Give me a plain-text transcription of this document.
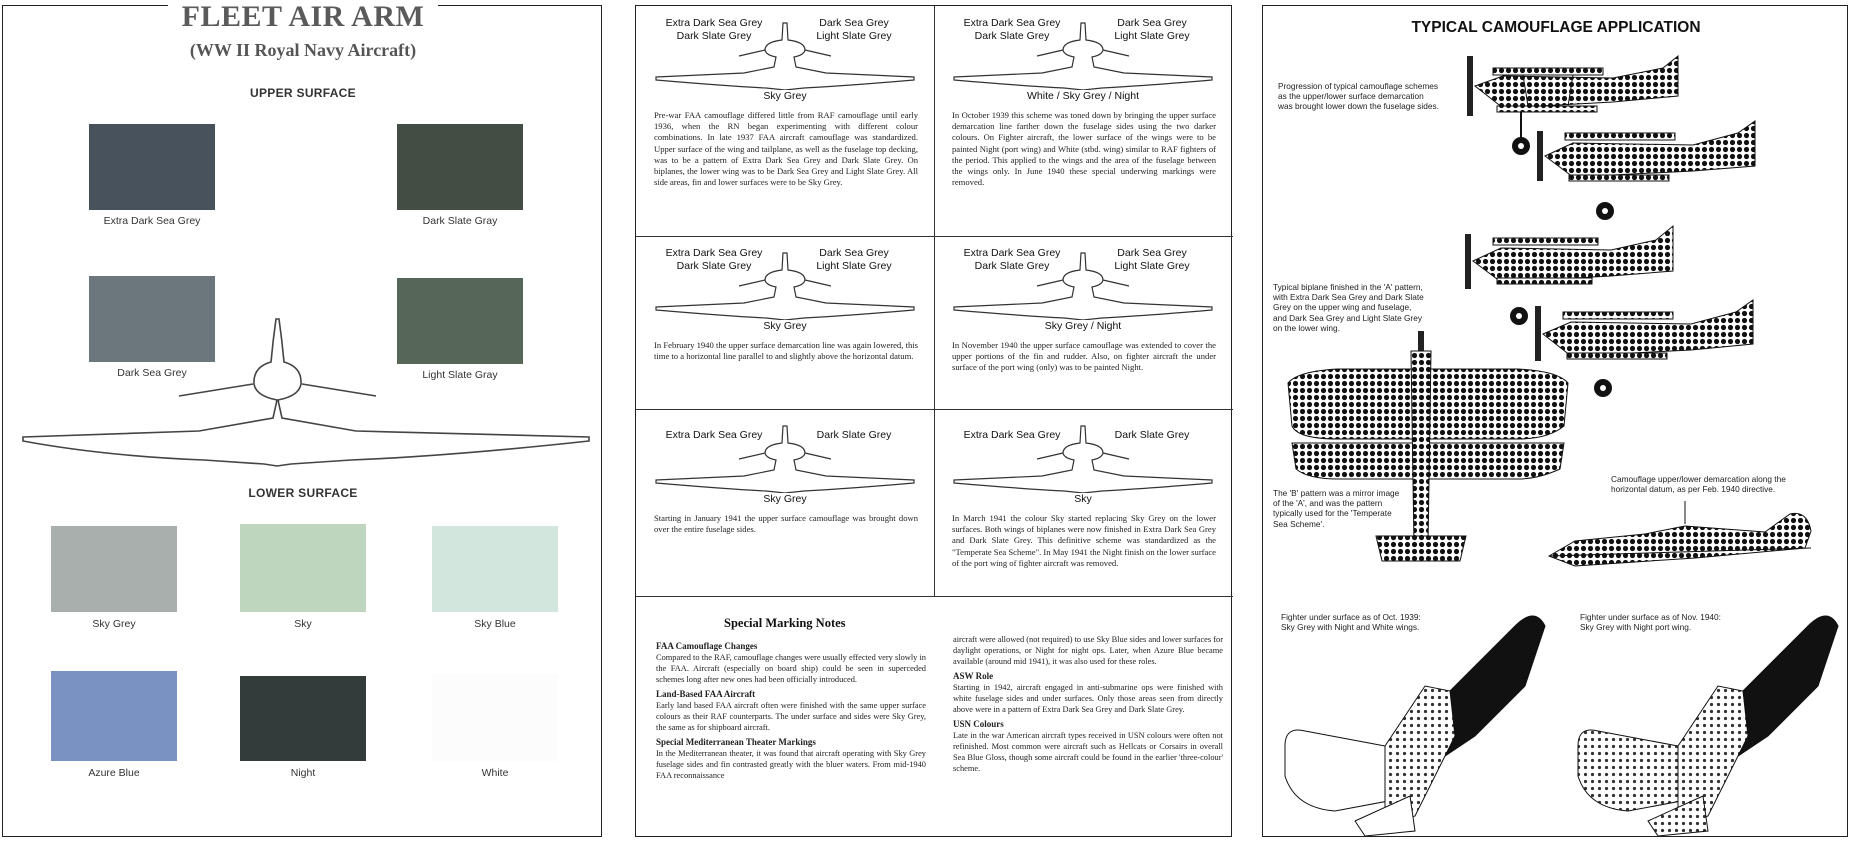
FLEET AIR ARM
(WW II Royal Navy Aircraft)
UPPER SURFACE
Extra Dark Sea Grey	Dark Slate Gray
Dark Sea Grey	Light Slate Gray
LOWER SURFACE
Sky Grey	Sky	Sky Blue
Azure Blue	Night	White
Extra Dark Sea Grey
Dark Slate Grey
Dark Sea Grey
Light Slate Grey
Sky Grey
Pre-war FAA camouflage differed little from RAF camouflage until early 1936, when the RN began experimenting with different colour combinations. In late 1937 FAA aircraft camouflage was standardized. Upper surface of the wing and tailplane, as well as the fuselage top decking, was to be a pattern of Extra Dark Sea Grey and Dark Slate Grey. On biplanes, the lower wing was to be Dark Sea Grey and Light Slate Grey. All side areas, fin and lower surfaces were to be Sky Grey.
Extra Dark Sea Grey
Dark Slate Grey
Dark Sea Grey
Light Slate Grey
White / Sky Grey / Night
In October 1939 this scheme was toned down by bringing the upper surface demarcation line farther down the fuselage sides using the two darker colours. On Fighter aircraft, the lower surface of the wings were to be painted Night (port wing) and White (stbd. wing) similar to RAF fighters of the period. This applied to the wings and the area of the fuselage between the wings only. In June 1940 these special underwing markings were removed.
Extra Dark Sea Grey
Dark Slate Grey
Dark Sea Grey
Light Slate Grey
Sky Grey
In February 1940 the upper surface demarcation line was again lowered, this time to a horizontal line parallel to and slightly above the horizontal datum.
Extra Dark Sea Grey
Dark Slate Grey
Dark Sea Grey
Light Slate Grey
Sky Grey / Night
In November 1940 the upper surface camouflage was extended to cover the upper portions of the fin and rudder. Also, on fighter aircraft the under surface of the port wing (only) was to be painted Night.
Extra Dark Sea Grey	Dark Slate Grey
Sky Grey
Starting in January 1941 the upper surface camouflage was brought down over the entire fuselage sides.
Extra Dark Sea Grey	Dark Slate Grey
Sky
In March 1941 the colour Sky started replacing Sky Grey on the lower surfaces. Both wings of biplanes were now finished in Extra Dark Sea Grey and Dark Slate Grey. This definitive scheme was standardized as the "Temperate Sea Scheme". In May 1941 the Night finish on the lower surface of the port wing of fighter aircraft was removed.
Special Marking Notes
FAA Camouflage Changes

Compared to the RAF, camouflage changes were usually effected very slowly in the FAA. Aircraft (especially on board ship) could be seen in superceded schemes long after new ones had been officially introduced.

Land-Based FAA Aircraft

Early land based FAA aircraft often were finished with the same upper surface colours as their RAF counterparts. The under surface and sides were Sky Grey, the same as for shipboard aircraft.

Special Mediterranean Theater Markings

In the Mediterranean theater, it was found that aircraft operating with Sky Grey fuselage sides and fin contrasted greatly with the bluer waters. From mid-1940 FAA reconnaissance

aircraft were allowed (not required) to use Sky Blue sides and lower surfaces for daylight operations, or Night for night ops. Later, when Azure Blue became available (around mid 1941), it was also used for these roles.

ASW Role

Starting in 1942, aircraft engaged in anti-submarine ops were finished with white fuselage sides and under surfaces. Only those areas seen from directly above were in a pattern of Extra Dark Sea Grey and Dark Slate Grey.

USN Colours

Late in the war American aircraft types received in USN colours were often not refinished. Most common were aircraft such as Hellcats or Corsairs in overall Sea Blue Gloss, though some aircraft could be found in the earlier 'three-colour' scheme.

TYPICAL CAMOUFLAGE APPLICATION
Progression of typical camouflage schemes
as the upper/lower surface demarcation
was brought lower down the fuselage sides.
Typical biplane finished in the 'A' pattern,
with Extra Dark Sea Grey and Dark Slate
Grey on the upper wing and fuselage,
and Dark Sea Grey and Light Slate Grey
on the lower wing.
The 'B' pattern was a mirror image
of the 'A', and was the pattern
typically used for the 'Temperate
Sea Scheme'.
Camouflage upper/lower demarcation along the
horizontal datum, as per Feb. 1940 directive.
Fighter under surface as of Oct. 1939:
Sky Grey with Night and White wings.
Fighter under surface as of Nov. 1940:
Sky Grey with Night port wing.
